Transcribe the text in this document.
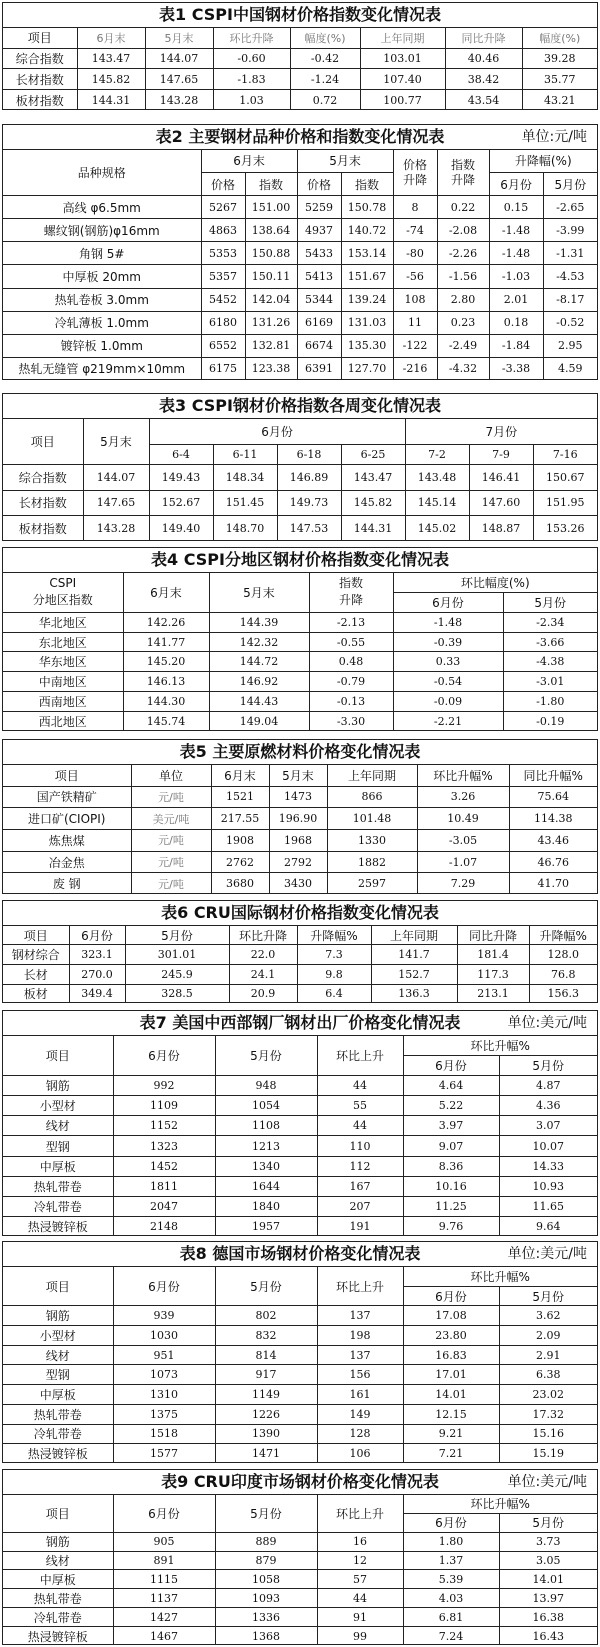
表1 CSPI中国钢材价格指数变化情况表
项目	6月末	5月末	环比升降	幅度(%)	上年同期	同比升降	幅度(%)
综合指数	143.47	144.07	-0.60	-0.42	103.01	40.46	39.28
长材指数	145.82	147.65	-1.83	-1.24	107.40	38.42	35.77
板材指数	144.31	143.28	1.03	0.72	100.77	43.54	43.21
表2 主要钢材品种价格和指数变化情况表	单位:元/吨
品种规格	6月末		5月末		价格升降	指数升降	升降幅(%)	
	价格	指数	价格	指数			6月份	5月份
高线 φ6.5mm	5267	151.00	5259	150.78	8	0.22	0.15	-2.65
螺纹钢(钢筋)φ16mm	4863	138.64	4937	140.72	-74	-2.08	-1.48	-3.99
角钢 5#	5353	150.88	5433	153.14	-80	-2.26	-1.48	-1.31
中厚板 20mm	5357	150.11	5413	151.67	-56	-1.56	-1.03	-4.53
热轧卷板 3.0mm	5452	142.04	5344	139.24	108	2.80	2.01	-8.17
冷轧薄板 1.0mm	6180	131.26	6169	131.03	11	0.23	0.18	-0.52
镀锌板 1.0mm	6552	132.81	6674	135.30	-122	-2.49	-1.84	2.95
热轧无缝管 φ219mm×10mm	6175	123.38	6391	127.70	-216	-4.32	-3.38	4.59
表3 CSPI钢材价格指数各周变化情况表
项目	5月末	6月份				7月份		
		6-4	6-11	6-18	6-25	7-2	7-9	7-16
综合指数	144.07	149.43	148.34	146.89	143.47	143.48	146.41	150.67
长材指数	147.65	152.67	151.45	149.73	145.82	145.14	147.60	151.95
板材指数	143.28	149.40	148.70	147.53	144.31	145.02	148.87	153.26
表4 CSPI分地区钢材价格指数变化情况表
CSPI
分地区指数	6月末	5月末	指数
升降	环比幅度(%)	
				6月份	5月份
华北地区	142.26	144.39	-2.13	-1.48	-2.34
东北地区	141.77	142.32	-0.55	-0.39	-3.66
华东地区	145.20	144.72	0.48	0.33	-4.38
中南地区	146.13	146.92	-0.79	-0.54	-3.01
西南地区	144.30	144.43	-0.13	-0.09	-1.80
西北地区	145.74	149.04	-3.30	-2.21	-0.19
表5 主要原燃材料价格变化情况表
项目	单位	6月末	5月末	上年同期	环比升幅%	同比升幅%
国产铁精矿	元/吨	1521	1473	866	3.26	75.64
进口矿(CIOPI)	美元/吨	217.55	196.90	101.48	10.49	114.38
炼焦煤	元/吨	1908	1968	1330	-3.05	43.46
冶金焦	元/吨	2762	2792	1882	-1.07	46.76
废 钢	元/吨	3680	3430	2597	7.29	41.70
表6 CRU国际钢材价格指数变化情况表
项目	6月份	5月份	环比升降	升降幅%	上年同期	同比升降	升降幅%
钢材综合	323.1	301.01	22.0	7.3	141.7	181.4	128.0
长材	270.0	245.9	24.1	9.8	152.7	117.3	76.8
板材	349.4	328.5	20.9	6.4	136.3	213.1	156.3
表7 美国中西部钢厂钢材出厂价格变化情况表	单位:美元/吨
项目	6月份	5月份	环比上升	环比升幅%	
				6月份	5月份
钢筋	992	948	44	4.64	4.87
小型材	1109	1054	55	5.22	4.36
线材	1152	1108	44	3.97	3.07
型钢	1323	1213	110	9.07	10.07
中厚板	1452	1340	112	8.36	14.33
热轧带卷	1811	1644	167	10.16	10.93
冷轧带卷	2047	1840	207	11.25	11.65
热浸镀锌板	2148	1957	191	9.76	9.64
表8 德国市场钢材价格变化情况表	单位:美元/吨
项目	6月份	5月份	环比上升	环比升幅%	
				6月份	5月份
钢筋	939	802	137	17.08	3.62
小型材	1030	832	198	23.80	2.09
线材	951	814	137	16.83	2.91
型钢	1073	917	156	17.01	6.38
中厚板	1310	1149	161	14.01	23.02
热轧带卷	1375	1226	149	12.15	17.32
冷轧带卷	1518	1390	128	9.21	15.16
热浸镀锌板	1577	1471	106	7.21	15.19
表9 CRU印度市场钢材价格变化情况表	单位:美元/吨
项目	6月份	5月份	环比上升	环比升幅%	
				6月份	5月份
钢筋	905	889	16	1.80	3.73
线材	891	879	12	1.37	3.05
中厚板	1115	1058	57	5.39	14.01
热轧带卷	1137	1093	44	4.03	13.97
冷轧带卷	1427	1336	91	6.81	16.38
热浸镀锌板	1467	1368	99	7.24	16.43
